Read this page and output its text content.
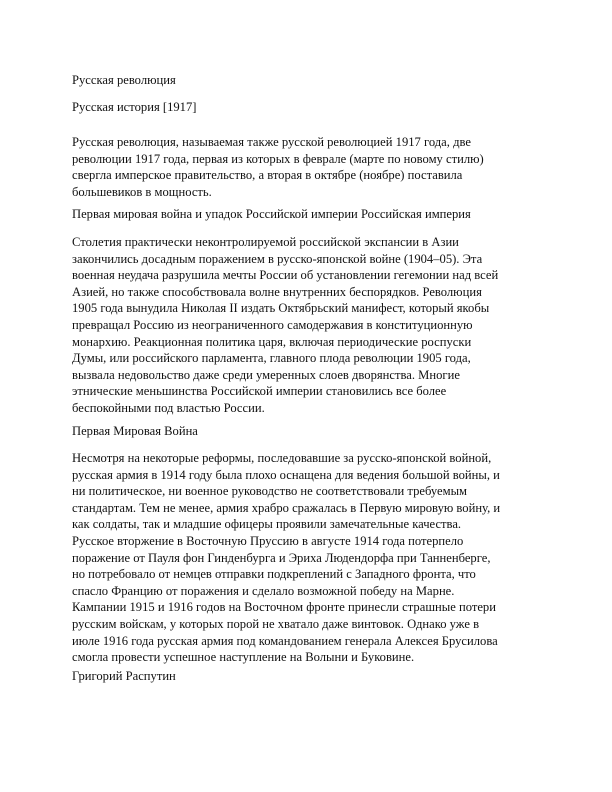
Русская революция
Русская история [1917]
Русская революция, называемая также русской революцией 1917 года, две
революции 1917 года, первая из которых в феврале (марте по новому стилю)
свергла имперское правительство, а вторая в октябре (ноябре) поставила
большевиков в мощность.
Первая мировая война и упадок Российской империи Российская империя
Столетия практически неконтролируемой российской экспансии в Азии
закончились досадным поражением в русско-японской войне (1904–05). Эта
военная неудача разрушила мечты России об установлении гегемонии над всей
Азией, но также способствовала волне внутренних беспорядков. Революция
1905 года вынудила Николая II издать Октябрьский манифест, который якобы
превращал Россию из неограниченного самодержавия в конституционную
монархию. Реакционная политика царя, включая периодические роспуски
Думы, или российского парламента, главного плода революции 1905 года,
вызвала недовольство даже среди умеренных слоев дворянства. Многие
этнические меньшинства Российской империи становились все более
беспокойными под властью России.
Первая Мировая Война
Несмотря на некоторые реформы, последовавшие за русско-японской войной,
русская армия в 1914 году была плохо оснащена для ведения большой войны, и
ни политическое, ни военное руководство не соответствовали требуемым
стандартам. Тем не менее, армия храбро сражалась в Первую мировую войну, и
как солдаты, так и младшие офицеры проявили замечательные качества.
Русское вторжение в Восточную Пруссию в августе 1914 года потерпело
поражение от Пауля фон Гинденбурга и Эриха Людендорфа при Танненберге,
но потребовало от немцев отправки подкреплений с Западного фронта, что
спасло Францию от поражения и сделало возможной победу на Марне.
Кампании 1915 и 1916 годов на Восточном фронте принесли страшные потери
русским войскам, у которых порой не хватало даже винтовок. Однако уже в
июле 1916 года русская армия под командованием генерала Алексея Брусилова
смогла провести успешное наступление на Волыни и Буковине.
Григорий Распутин
